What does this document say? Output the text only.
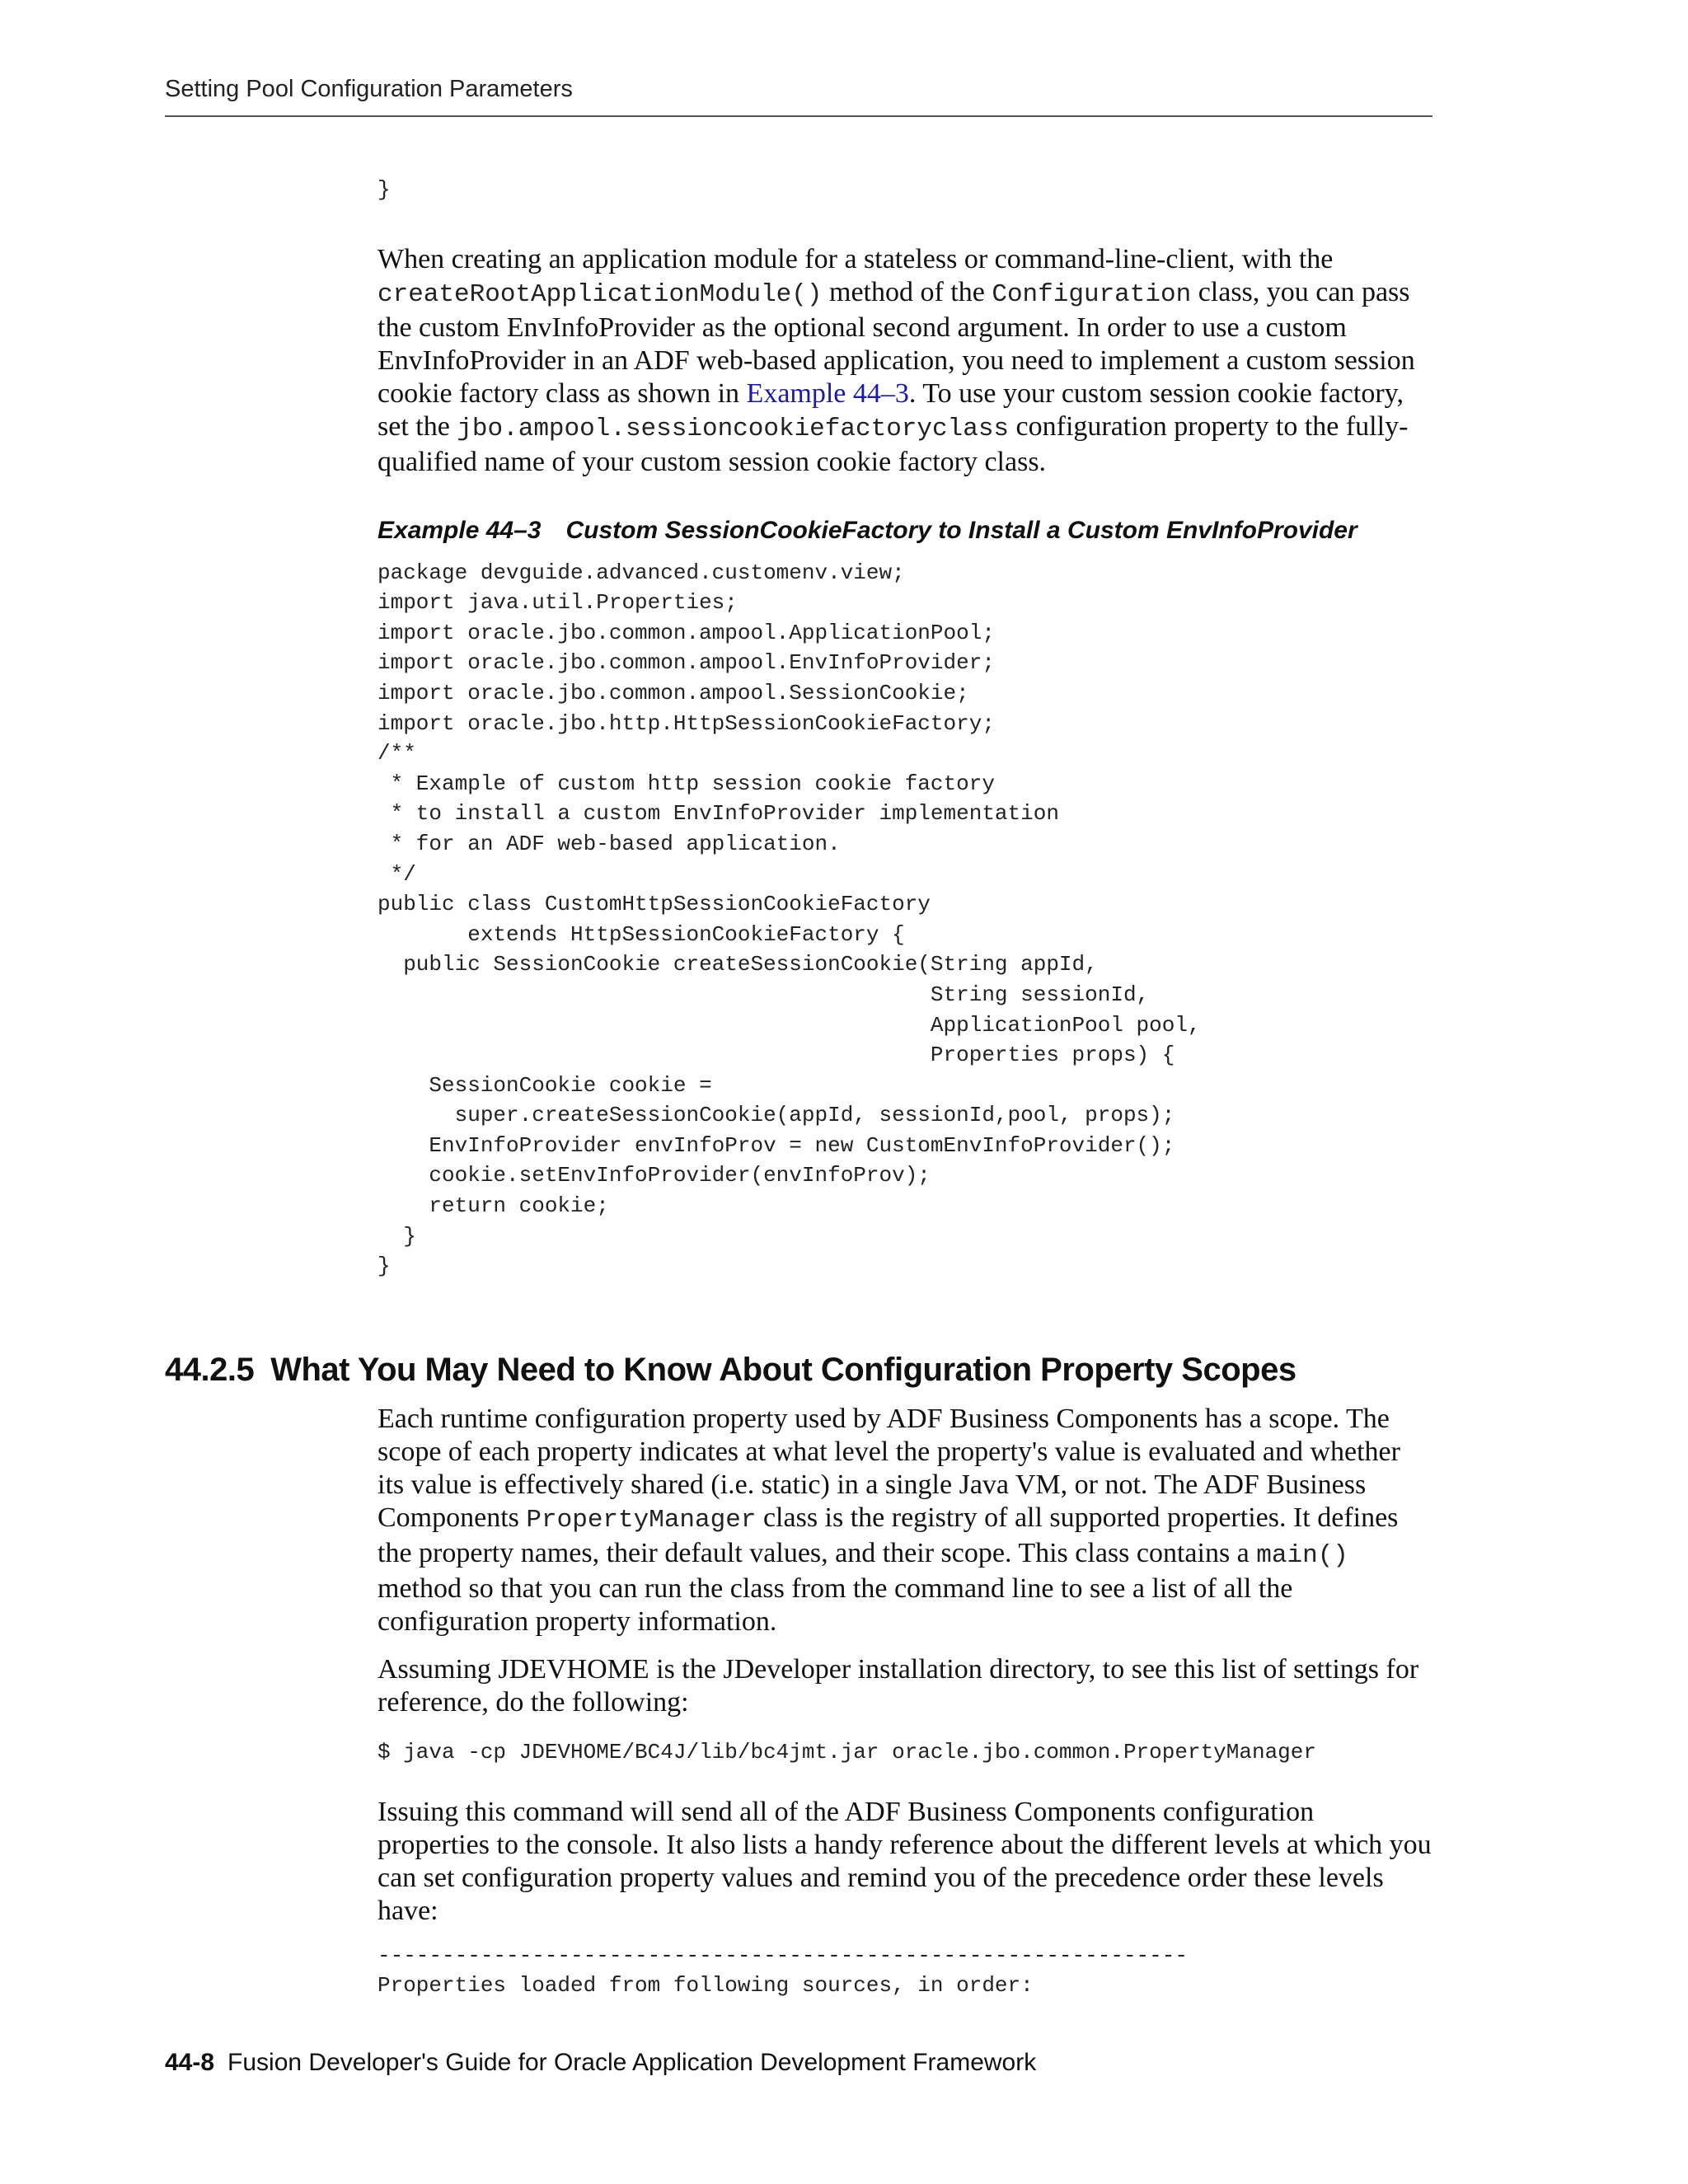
Setting Pool Configuration Parameters
}

When creating an application module for a stateless or command-line-client, with the createRootApplicationModule() method of the Configuration class, you can pass the custom EnvInfoProvider as the optional second argument. In order to use a custom EnvInfoProvider in an ADF web-based application, you need to implement a custom session cookie factory class as shown in Example 44–3. To use your custom session cookie factory, set the jbo.ampool.sessioncookiefactoryclass configuration property to the fully-qualified name of your custom session cookie factory class.

Example 44–3 Custom SessionCookieFactory to Install a Custom EnvInfoProvider

package devguide.advanced.customenv.view;
import java.util.Properties;
import oracle.jbo.common.ampool.ApplicationPool;
import oracle.jbo.common.ampool.EnvInfoProvider;
import oracle.jbo.common.ampool.SessionCookie;
import oracle.jbo.http.HttpSessionCookieFactory;
/**
* Example of custom http session cookie factory
* to install a custom EnvInfoProvider implementation
* for an ADF web-based application.
*/
public class CustomHttpSessionCookieFactory
extends HttpSessionCookieFactory {
public SessionCookie createSessionCookie(String appId,
String sessionId,
ApplicationPool pool,
Properties props) {
SessionCookie cookie =
super.createSessionCookie(appId, sessionId,pool, props);
EnvInfoProvider envInfoProv = new CustomEnvInfoProvider();
cookie.setEnvInfoProvider(envInfoProv);
return cookie;
}
}
44.2.5 What You May Need to Know About Configuration Property Scopes

Each runtime configuration property used by ADF Business Components has a scope. The scope of each property indicates at what level the property's value is evaluated and whether its value is effectively shared (i.e. static) in a single Java VM, or not. The ADF Business Components PropertyManager class is the registry of all supported properties. It defines the property names, their default values, and their scope. This class contains a main() method so that you can run the class from the command line to see a list of all the configuration property information.

Assuming JDEVHOME is the JDeveloper installation directory, to see this list of settings for reference, do the following:

$ java -cp JDEVHOME/BC4J/lib/bc4jmt.jar oracle.jbo.common.PropertyManager

Issuing this command will send all of the ADF Business Components configuration properties to the console. It also lists a handy reference about the different levels at which you can set configuration property values and remind you of the precedence order these levels have:

---------------------------------------------------------------
Properties loaded from following sources, in order:
44-8 Fusion Developer's Guide for Oracle Application Development Framework
